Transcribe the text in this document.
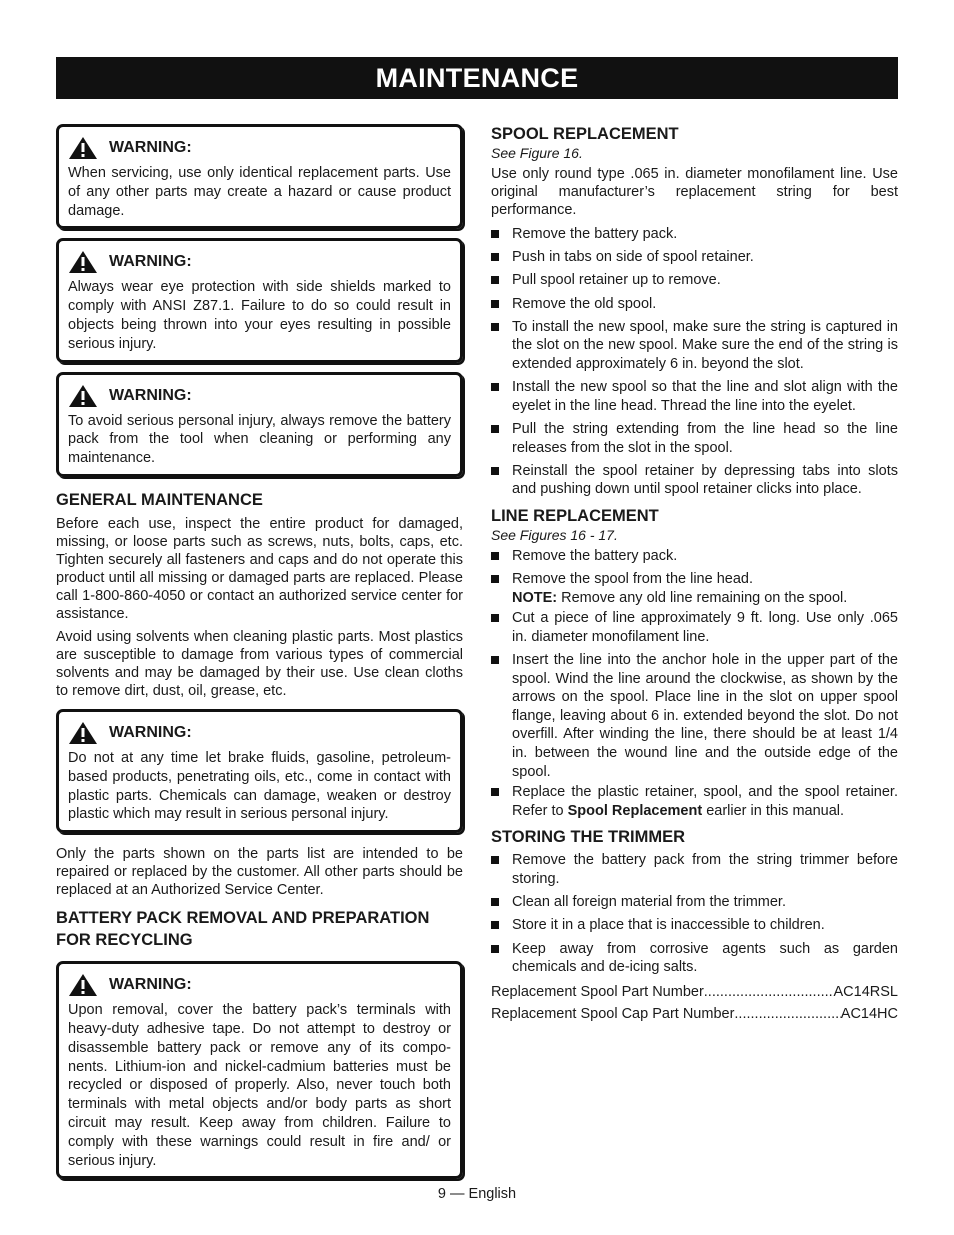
MAINTENANCE
WARNING:

When servicing, use only identical replacement parts. Use of any other parts may create a hazard or cause product damage.

WARNING:

Always wear eye protection with side shields marked to comply with ANSI Z87.1. Failure to do so could result in objects being thrown into your eyes resulting in possible serious injury.

WARNING:

To avoid serious personal injury, always remove the battery pack from the tool when cleaning or performing any maintenance.

GENERAL MAINTENANCE

Before each use, inspect the entire product for damaged, missing, or loose parts such as screws, nuts, bolts, caps, etc. Tighten securely all fasteners and caps and do not operate this product until all missing or damaged parts are replaced. Please call 1-800-860-4050 or contact an authorized service center for assistance.

Avoid using solvents when cleaning plastic parts. Most plastics are susceptible to damage from various types of commercial solvents and may be damaged by their use. Use clean cloths to remove dirt, dust, oil, grease, etc.

WARNING:

Do not at any time let brake fluids, gasoline, petroleum-based products, penetrating oils, etc., come in contact with plastic parts. Chemicals can damage, weaken or destroy plastic which may result in serious personal injury.

Only the parts shown on the parts list are intended to be repaired or replaced by the customer. All other parts should be replaced at an Authorized Service Center.

BATTERY PACK REMOVAL AND PREPARATION FOR RECYCLING
WARNING:

Upon removal, cover the battery pack’s terminals with heavy-duty adhesive tape. Do not attempt to destroy or disassemble battery pack or remove any of its compo-nents. Lithium-ion and nickel-cadmium batteries must be recycled or disposed of properly. Also, never touch both terminals with metal objects and/or body parts as short circuit may result. Keep away from children. Failure to comply with these warnings could result in fire and/ or serious injury.

SPOOL REPLACEMENT

See Figure 16.

Use only round type .065 in. diameter monofilament line. Use original manufacturer’s replacement string for best performance.

Remove the battery pack.
Push in tabs on side of spool retainer.
Pull spool retainer up to remove.
Remove the old spool.
To install the new spool, make sure the string is captured in the slot on the new spool. Make sure the end of the string is extended approximately 6 in. beyond the slot.
Install the new spool so that the line and slot align with the eyelet in the line head. Thread the line into the eyelet.
Pull the string extending from the line head so the line releases from the slot in the spool.
Reinstall the spool retainer by depressing tabs into slots and pushing down until spool retainer clicks into place.
LINE REPLACEMENT

See Figures 16 - 17.

Remove the battery pack.
Remove the spool from the line head.
NOTE: Remove any old line remaining on the spool.
Cut a piece of line approximately 9 ft. long. Use only .065 in. diameter monofilament line.
Insert the line into the anchor hole in the upper part of the spool. Wind the line around the clockwise, as shown by the arrows on the spool. Place line in the slot on upper spool flange, leaving about 6 in. extended beyond the slot. Do not overfill. After winding the line, there should be at least 1/4 in. between the wound line and the outside edge of the spool.
Replace the plastic retainer, spool, and the spool retainer. Refer to Spool Replacement earlier in this manual.
STORING THE TRIMMER
Remove the battery pack from the string trimmer before storing.
Clean all foreign material from the trimmer.
Store it in a place that is inaccessible to children.
Keep away from corrosive agents such as garden chemicals and de-icing salts.
Replacement Spool Part Number .....	AC14RSL
Replacement Spool Cap Part Number .....	AC14HC
9 — English
